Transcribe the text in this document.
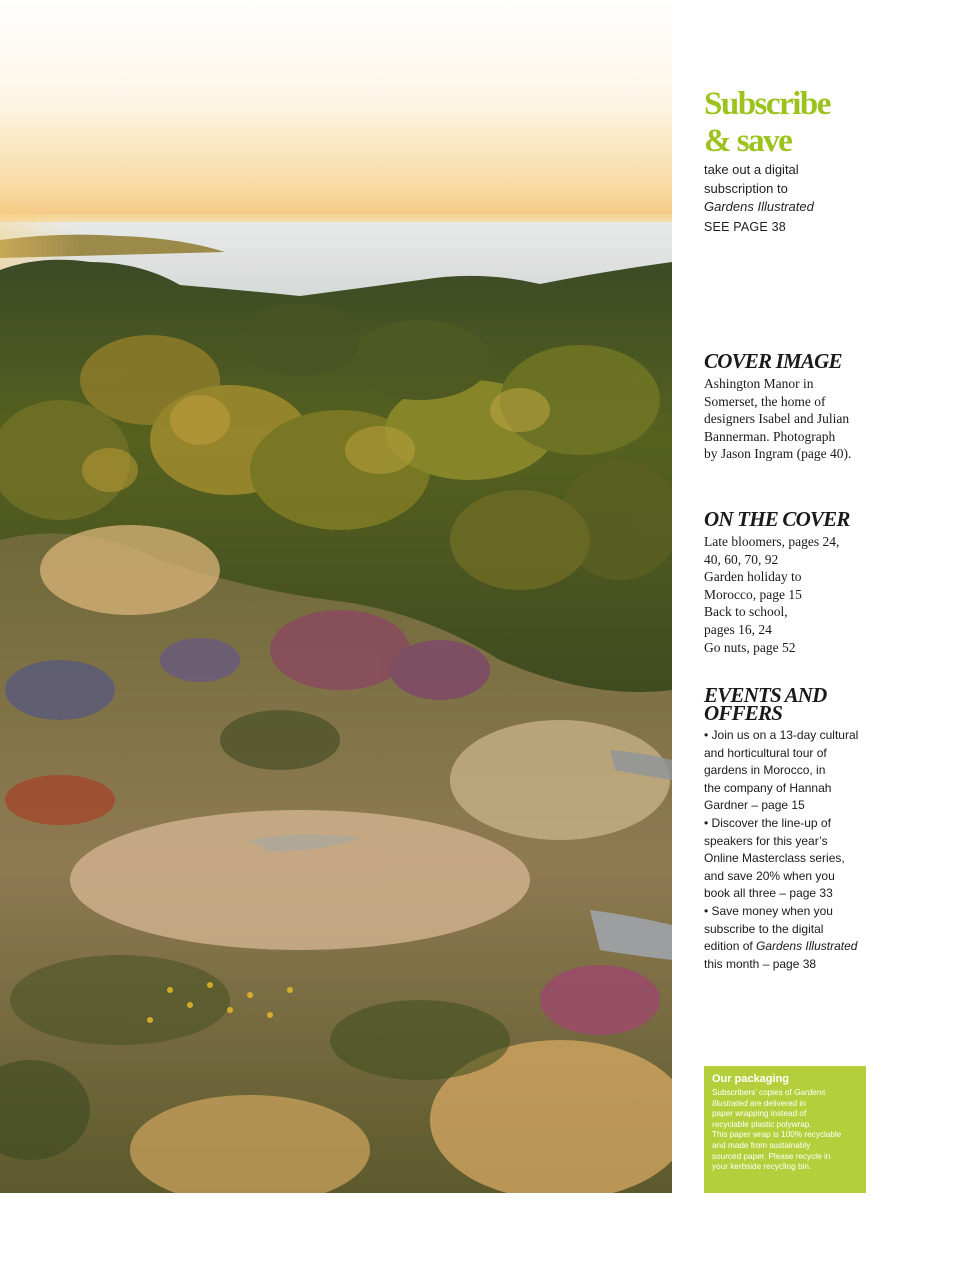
Subscribe
& save
take out a digital
subscription to
Gardens Illustrated
SEE PAGE 38
COVER IMAGE
Ashington Manor in
Somerset, the home of
designers Isabel and Julian
Bannerman. Photograph
by Jason Ingram (page 40).
ON THE COVER
Late bloomers, pages 24,
40, 60, 70, 92
Garden holiday to
Morocco, page 15
Back to school,
pages 16, 24
Go nuts, page 52
EVENTS AND
OFFERS
• Join us on a 13-day cultural
and horticultural tour of
gardens in Morocco, in
the company of Hannah
Gardner – page 15
• Discover the line-up of
speakers for this year’s
Online Masterclass series,
and save 20% when you
book all three – page 33
• Save money when you
subscribe to the digital
edition of Gardens Illustrated
this month – page 38
Our packaging
Subscribers’ copies of Gardens
Illustrated are delivered in
paper wrapping instead of
recyclable plastic polywrap.
This paper wrap is 100% recyclable
and made from sustainably
sourced paper. Please recycle in
your kerbside recycling bin.
